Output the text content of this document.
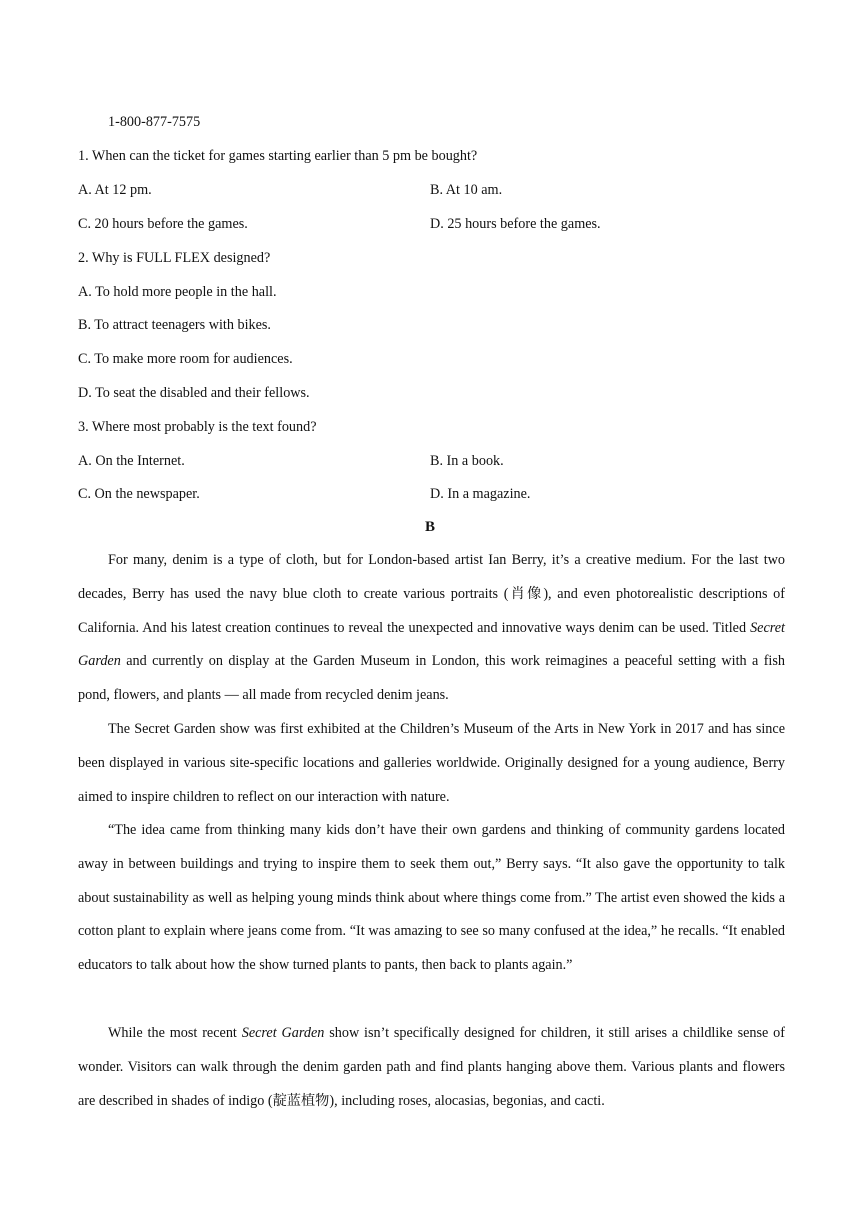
1-800-877-7575
1. When can the ticket for games starting earlier than 5 pm be bought?
A. At 12 pm.	B. At 10 am.
C. 20 hours before the games.	D. 25 hours before the games.
2. Why is FULL FLEX designed?
A. To hold more people in the hall.
B. To attract teenagers with bikes.
C. To make more room for audiences.
D. To seat the disabled and their fellows.
3. Where most probably is the text found?
A. On the Internet.	B. In a book.
C. On the newspaper.	D. In a magazine.
B

For many, denim is a type of cloth, but for London-based artist Ian Berry, it’s a creative medium. For the last two decades, Berry has used the navy blue cloth to create various portraits (肖像), and even photorealistic descriptions of California. And his latest creation continues to reveal the unexpected and innovative ways denim can be used. Titled Secret Garden and currently on display at the Garden Museum in London, this work reimagines a peaceful setting with a fish pond, flowers, and plants — all made from recycled denim jeans.

The Secret Garden show was first exhibited at the Children’s Museum of the Arts in New York in 2017 and has since been displayed in various site-specific locations and galleries worldwide. Originally designed for a young audience, Berry aimed to inspire children to reflect on our interaction with nature.

“The idea came from thinking many kids don’t have their own gardens and thinking of community gardens located away in between buildings and trying to inspire them to seek them out,” Berry says. “It also gave the opportunity to talk about sustainability as well as helping young minds think about where things come from.” The artist even showed the kids a cotton plant to explain where jeans come from. “It was amazing to see so many confused at the idea,” he recalls. “It enabled educators to talk about how the show turned plants to pants, then back to plants again.”

While the most recent Secret Garden show isn’t specifically designed for children, it still arises a childlike sense of wonder. Visitors can walk through the denim garden path and find plants hanging above them. Various plants and flowers are described in shades of indigo (靛蓝植物), including roses, alocasias, begonias, and cacti.
